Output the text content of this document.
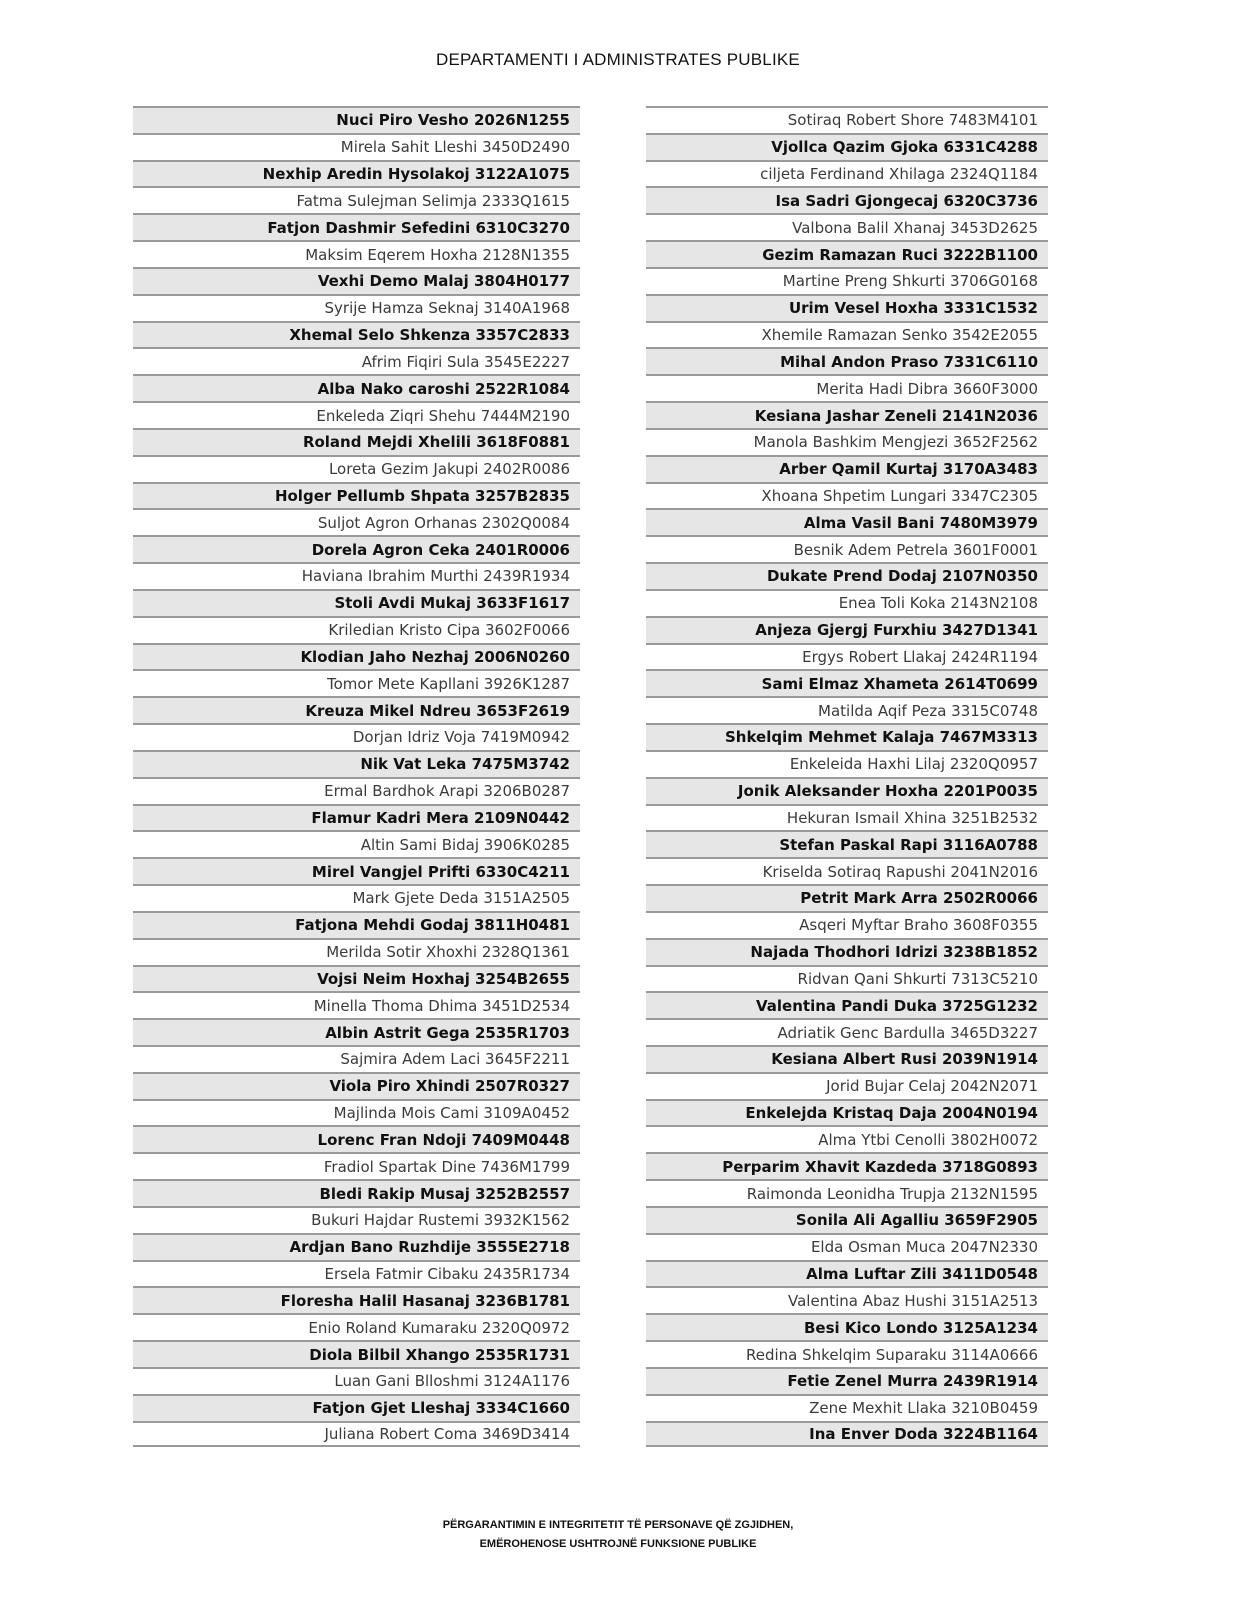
DEPARTAMENTI I ADMINISTRATES PUBLIKE
Nuci Piro Vesho 2026N1255
Mirela Sahit Lleshi 3450D2490
Nexhip Aredin Hysolakoj 3122A1075
Fatma Sulejman Selimja 2333Q1615
Fatjon Dashmir Sefedini 6310C3270
Maksim Eqerem Hoxha 2128N1355
Vexhi Demo Malaj 3804H0177
Syrije Hamza Seknaj 3140A1968
Xhemal Selo Shkenza 3357C2833
Afrim Fiqiri Sula 3545E2227
Alba Nako caroshi 2522R1084
Enkeleda Ziqri Shehu 7444M2190
Roland Mejdi Xhelili 3618F0881
Loreta Gezim Jakupi 2402R0086
Holger Pellumb Shpata 3257B2835
Suljot Agron Orhanas 2302Q0084
Dorela Agron Ceka 2401R0006
Haviana Ibrahim Murthi 2439R1934
Stoli Avdi Mukaj 3633F1617
Kriledian Kristo Cipa 3602F0066
Klodian Jaho Nezhaj 2006N0260
Tomor Mete Kapllani 3926K1287
Kreuza Mikel Ndreu 3653F2619
Dorjan Idriz Voja 7419M0942
Nik Vat Leka 7475M3742
Ermal Bardhok Arapi 3206B0287
Flamur Kadri Mera 2109N0442
Altin Sami Bidaj 3906K0285
Mirel Vangjel Prifti 6330C4211
Mark Gjete Deda 3151A2505
Fatjona Mehdi Godaj 3811H0481
Merilda Sotir Xhoxhi 2328Q1361
Vojsi Neim Hoxhaj 3254B2655
Minella Thoma Dhima 3451D2534
Albin Astrit Gega 2535R1703
Sajmira Adem Laci 3645F2211
Viola Piro Xhindi 2507R0327
Majlinda Mois Cami 3109A0452
Lorenc Fran Ndoji 7409M0448
Fradiol Spartak Dine 7436M1799
Bledi Rakip Musaj 3252B2557
Bukuri Hajdar Rustemi 3932K1562
Ardjan Bano Ruzhdije 3555E2718
Ersela Fatmir Cibaku 2435R1734
Floresha Halil Hasanaj 3236B1781
Enio Roland Kumaraku 2320Q0972
Diola Bilbil Xhango 2535R1731
Luan Gani Blloshmi 3124A1176
Fatjon Gjet Lleshaj 3334C1660
Juliana Robert Coma 3469D3414
Sotiraq Robert Shore 7483M4101
Vjollca Qazim Gjoka 6331C4288
ciljeta Ferdinand Xhilaga 2324Q1184
Isa Sadri Gjongecaj 6320C3736
Valbona Balil Xhanaj 3453D2625
Gezim Ramazan Ruci 3222B1100
Martine Preng Shkurti 3706G0168
Urim Vesel Hoxha 3331C1532
Xhemile Ramazan Senko 3542E2055
Mihal Andon Praso 7331C6110
Merita Hadi Dibra 3660F3000
Kesiana Jashar Zeneli 2141N2036
Manola Bashkim Mengjezi 3652F2562
Arber Qamil Kurtaj 3170A3483
Xhoana Shpetim Lungari 3347C2305
Alma Vasil Bani 7480M3979
Besnik Adem Petrela 3601F0001
Dukate Prend Dodaj 2107N0350
Enea Toli Koka 2143N2108
Anjeza Gjergj Furxhiu 3427D1341
Ergys Robert Llakaj 2424R1194
Sami Elmaz Xhameta 2614T0699
Matilda Aqif Peza 3315C0748
Shkelqim Mehmet Kalaja 7467M3313
Enkeleida Haxhi Lilaj 2320Q0957
Jonik Aleksander Hoxha 2201P0035
Hekuran Ismail Xhina 3251B2532
Stefan Paskal Rapi 3116A0788
Kriselda Sotiraq Rapushi 2041N2016
Petrit Mark Arra 2502R0066
Asqeri Myftar Braho 3608F0355
Najada Thodhori Idrizi 3238B1852
Ridvan Qani Shkurti 7313C5210
Valentina Pandi Duka 3725G1232
Adriatik Genc Bardulla 3465D3227
Kesiana Albert Rusi 2039N1914
Jorid Bujar Celaj 2042N2071
Enkelejda Kristaq Daja 2004N0194
Alma Ytbi Cenolli 3802H0072
Perparim Xhavit Kazdeda 3718G0893
Raimonda Leonidha Trupja 2132N1595
Sonila Ali Agalliu 3659F2905
Elda Osman Muca 2047N2330
Alma Luftar Zili 3411D0548
Valentina Abaz Hushi 3151A2513
Besi Kico Londo 3125A1234
Redina Shkelqim Suparaku 3114A0666
Fetie Zenel Murra 2439R1914
Zene Mexhit Llaka 3210B0459
Ina Enver Doda 3224B1164
PËRGARANTIMIN E INTEGRITETIT TË PERSONAVE QË ZGJIDHEN,
EMËROHENOSE USHTROJNË FUNKSIONE PUBLIKE
